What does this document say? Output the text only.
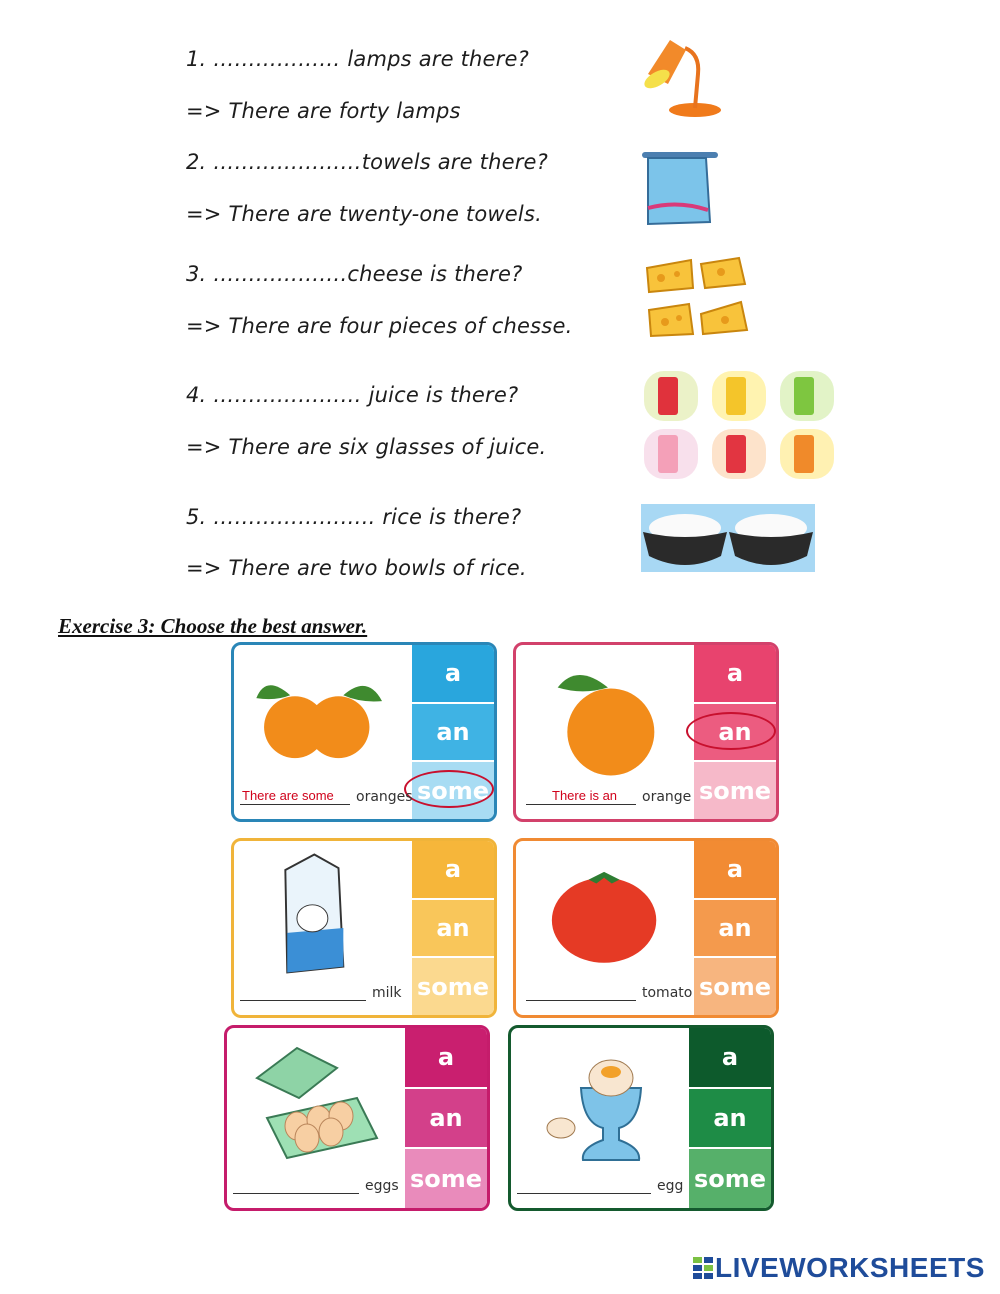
1. ……………… lamps are there?
=> There are forty lamps
2. …………………towels are there?
=> There are twenty-one towels.
3. ……………….cheese is there?
=> There are four pieces of chesse.
4. ………………… juice is there?
=> There are six glasses of juice.
5. ………………….. rice is there?
=> There are two bowls of rice.
Exercise 3: Choose the best answer.
a
an
some
There are some oranges
a
an
some
There is an orange
a
an
some
milk
a
an
some
tomato
a
an
some
eggs
a
an
some
egg
LIVEWORKSHEETS
